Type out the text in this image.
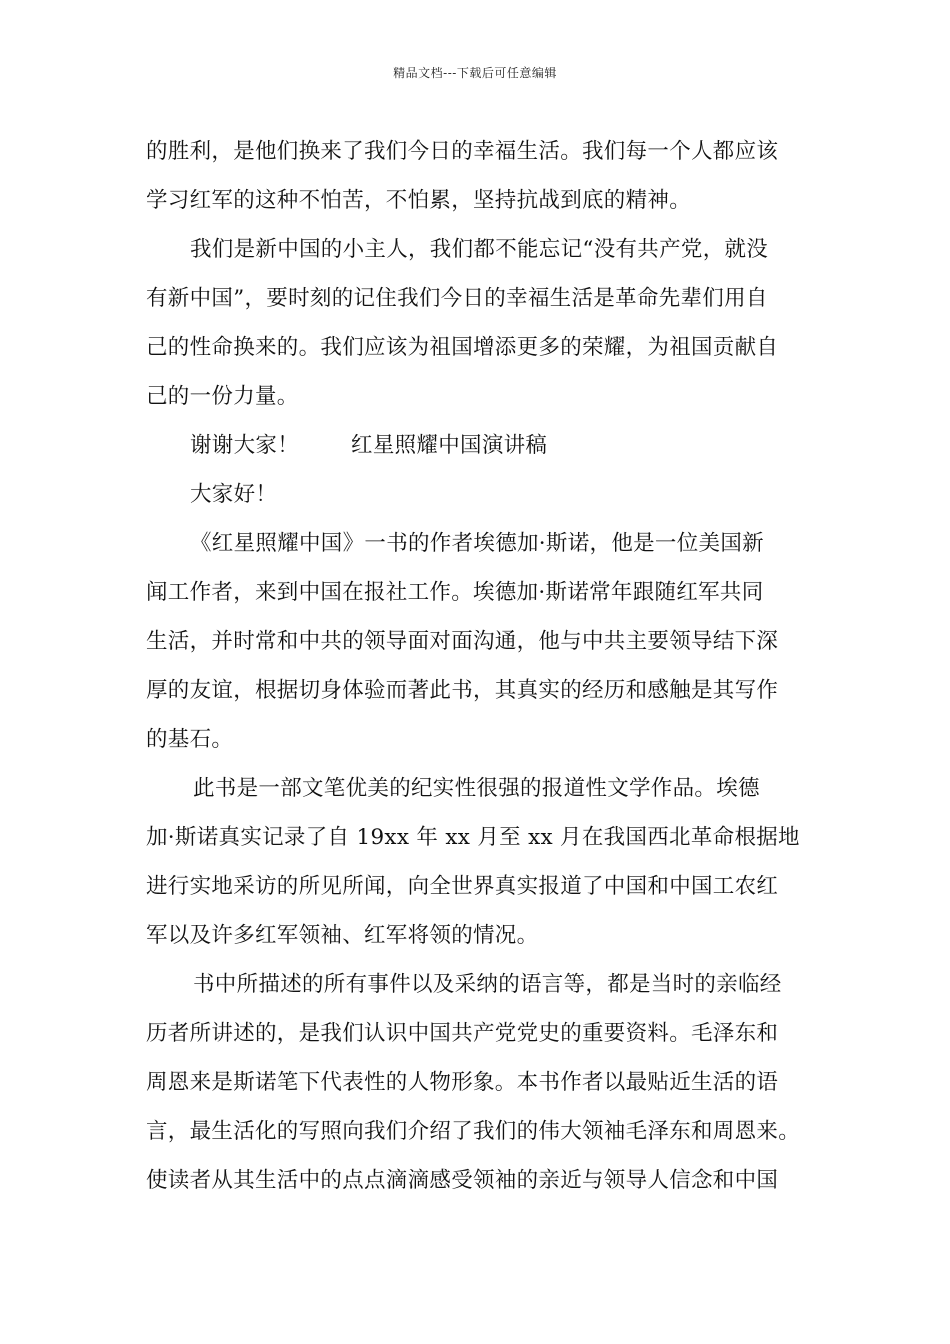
精品文档---下载后可任意编辑
的胜利，是他们换来了我们今日的幸福生活。我们每一个人都应该
学习红军的这种不怕苦，不怕累，坚持抗战到底的精神。
我们是新中国的小主人，我们都不能忘记“没有共产党，就没
有新中国”，要时刻的记住我们今日的幸福生活是革命先辈们用自
己的性命换来的。我们应该为祖国增添更多的荣耀，为祖国贡献自
己的一份力量。
谢谢大家！ 红星照耀中国演讲稿
大家好！
《红星照耀中国》一书的作者埃德加·斯诺，他是一位美国新
闻工作者，来到中国在报社工作。埃德加·斯诺常年跟随红军共同
生活，并时常和中共的领导面对面沟通，他与中共主要领导结下深
厚的友谊，根据切身体验而著此书，其真实的经历和感触是其写作
的基石。
此书是一部文笔优美的纪实性很强的报道性文学作品。埃德
加·斯诺真实记录了自 19xx 年 xx 月至 xx 月在我国西北革命根据地
进行实地采访的所见所闻，向全世界真实报道了中国和中国工农红
军以及许多红军领袖、红军将领的情况。
书中所描述的所有事件以及采纳的语言等，都是当时的亲临经
历者所讲述的，是我们认识中国共产党党史的重要资料。毛泽东和
周恩来是斯诺笔下代表性的人物形象。本书作者以最贴近生活的语
言，最生活化的写照向我们介绍了我们的伟大领袖毛泽东和周恩来。
使读者从其生活中的点点滴滴感受领袖的亲近与领导人信念和中国
